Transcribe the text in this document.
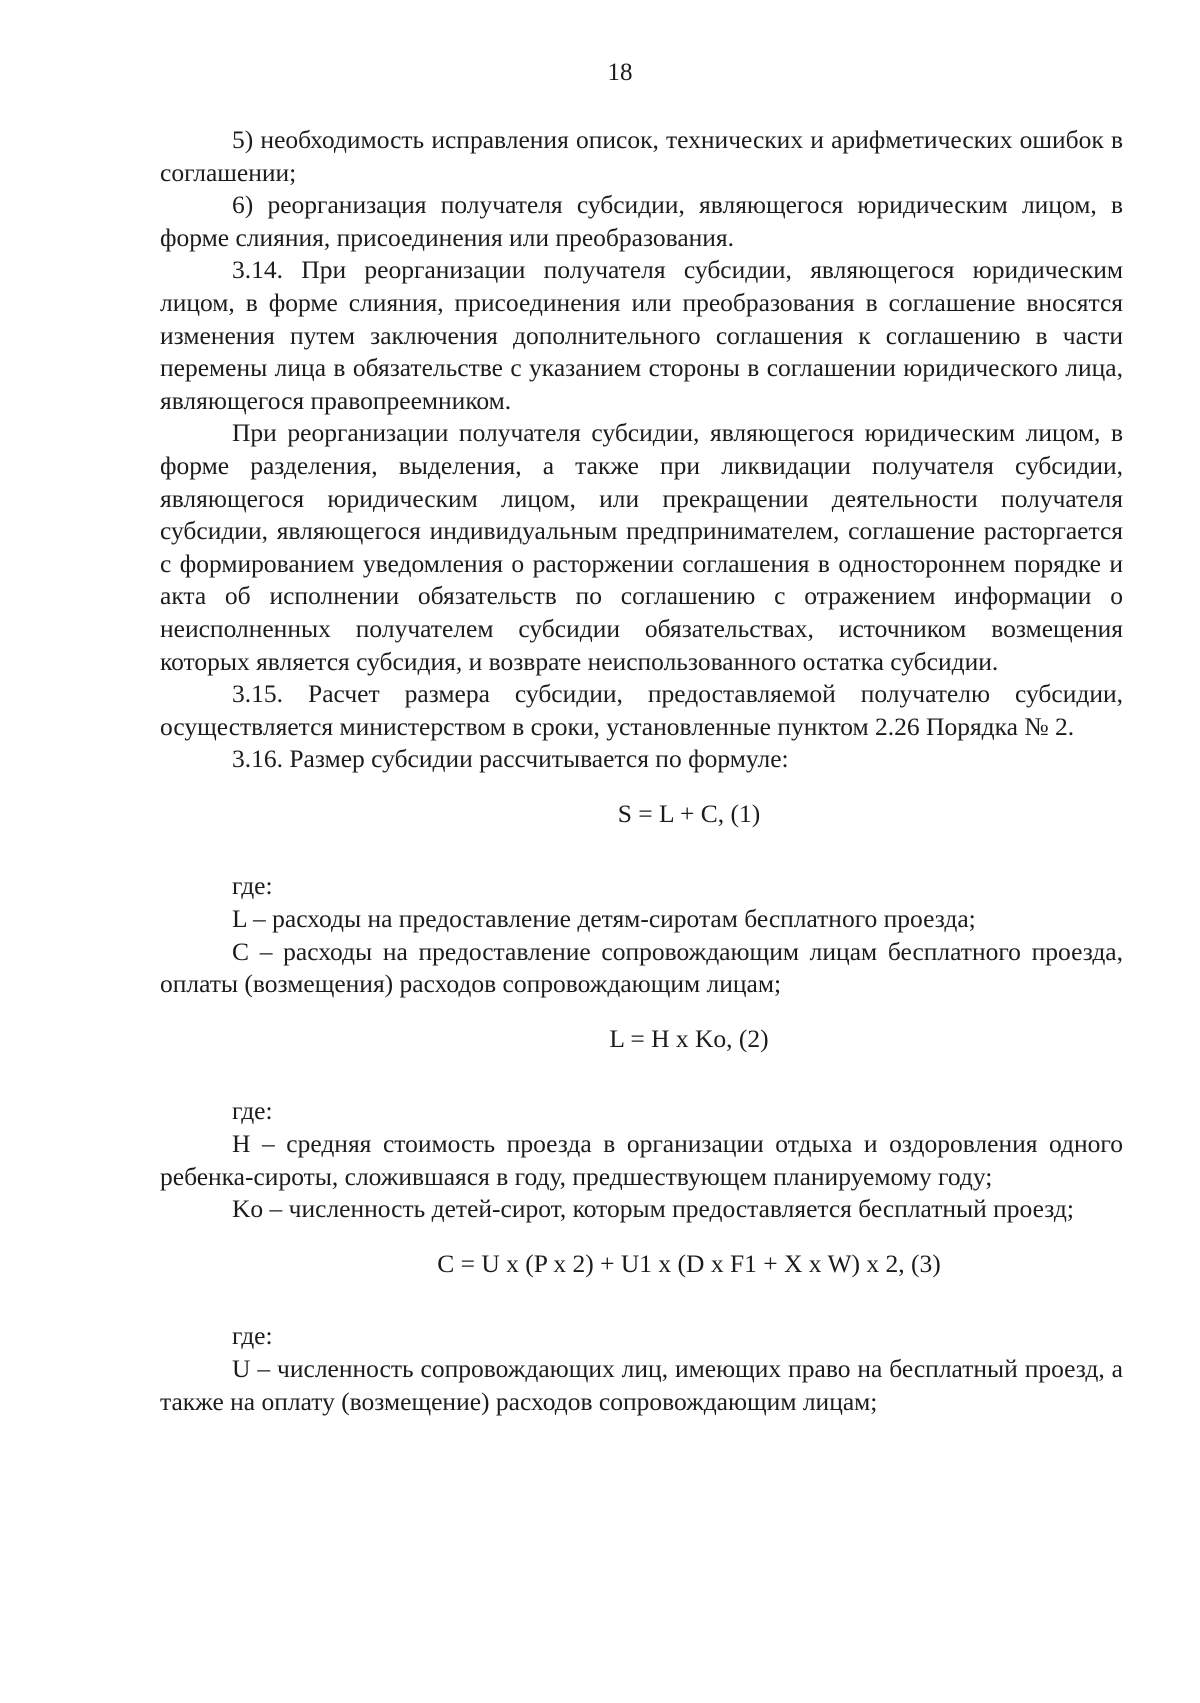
18

5) необходимость исправления описок, технических и арифметических ошибок в соглашении;

6) реорганизация получателя субсидии, являющегося юридическим лицом, в форме слияния, присоединения или преобразования.

3.14. При реорганизации получателя субсидии, являющегося юридическим лицом, в форме слияния, присоединения или преобразования в соглашение вносятся изменения путем заключения дополнительного соглашения к соглашению в части перемены лица в обязательстве с указанием стороны в соглашении юридического лица, являющегося правопреемником.

При реорганизации получателя субсидии, являющегося юридическим лицом, в форме разделения, выделения, а также при ликвидации получателя субсидии, являющегося юридическим лицом, или прекращении деятельности получателя субсидии, являющегося индивидуальным предпринимателем, соглашение расторгается с формированием уведомления о расторжении соглашения в одностороннем порядке и акта об исполнении обязательств по соглашению с отражением информации о неисполненных получателем субсидии обязательствах, источником возмещения которых является субсидия, и возврате неиспользованного остатка субсидии.

3.15. Расчет размера субсидии, предоставляемой получателю субсидии, осуществляется министерством в сроки, установленные пунктом 2.26 Порядка № 2.

3.16. Размер субсидии рассчитывается по формуле:

S = L + C, (1)

где:

L – расходы на предоставление детям-сиротам бесплатного проезда;

С – расходы на предоставление сопровождающим лицам бесплатного проезда, оплаты (возмещения) расходов сопровождающим лицам;

L = H x Ko, (2)

где:

H – средняя стоимость проезда в организации отдыха и оздоровления одного ребенка-сироты, сложившаяся в году, предшествующем планируемому году;

Ko – численность детей-сирот, которым предоставляется бесплатный проезд;

C = U x (P x 2) + U1 x (D x F1 + X x W) x 2, (3)

где:

U – численность сопровождающих лиц, имеющих право на бесплатный проезд, а также на оплату (возмещение) расходов сопровождающим лицам;
